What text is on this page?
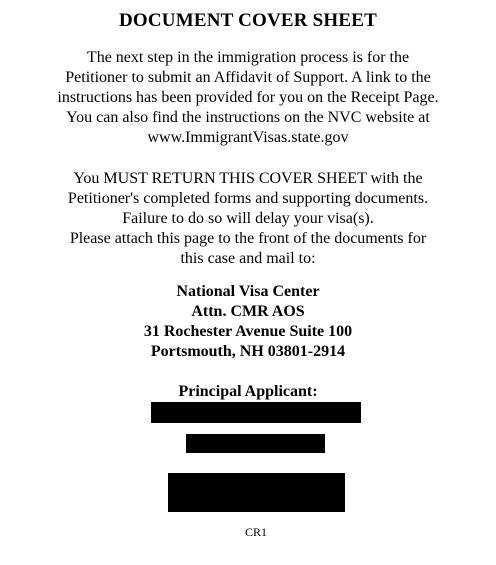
DOCUMENT COVER SHEET
The next step in the immigration process is for the
Petitioner to submit an Affidavit of Support. A link to the
instructions has been provided for you on the Receipt Page.
You can also find the instructions on the NVC website at
www.ImmigrantVisas.state.gov
You MUST RETURN THIS COVER SHEET with the
Petitioner's completed forms and supporting documents.
Failure to do so will delay your visa(s).
Please attach this page to the front of the documents for
this case and mail to:
National Visa Center
Attn. CMR AOS
31 Rochester Avenue Suite 100
Portsmouth, NH 03801-2914
Principal Applicant:
CR1
